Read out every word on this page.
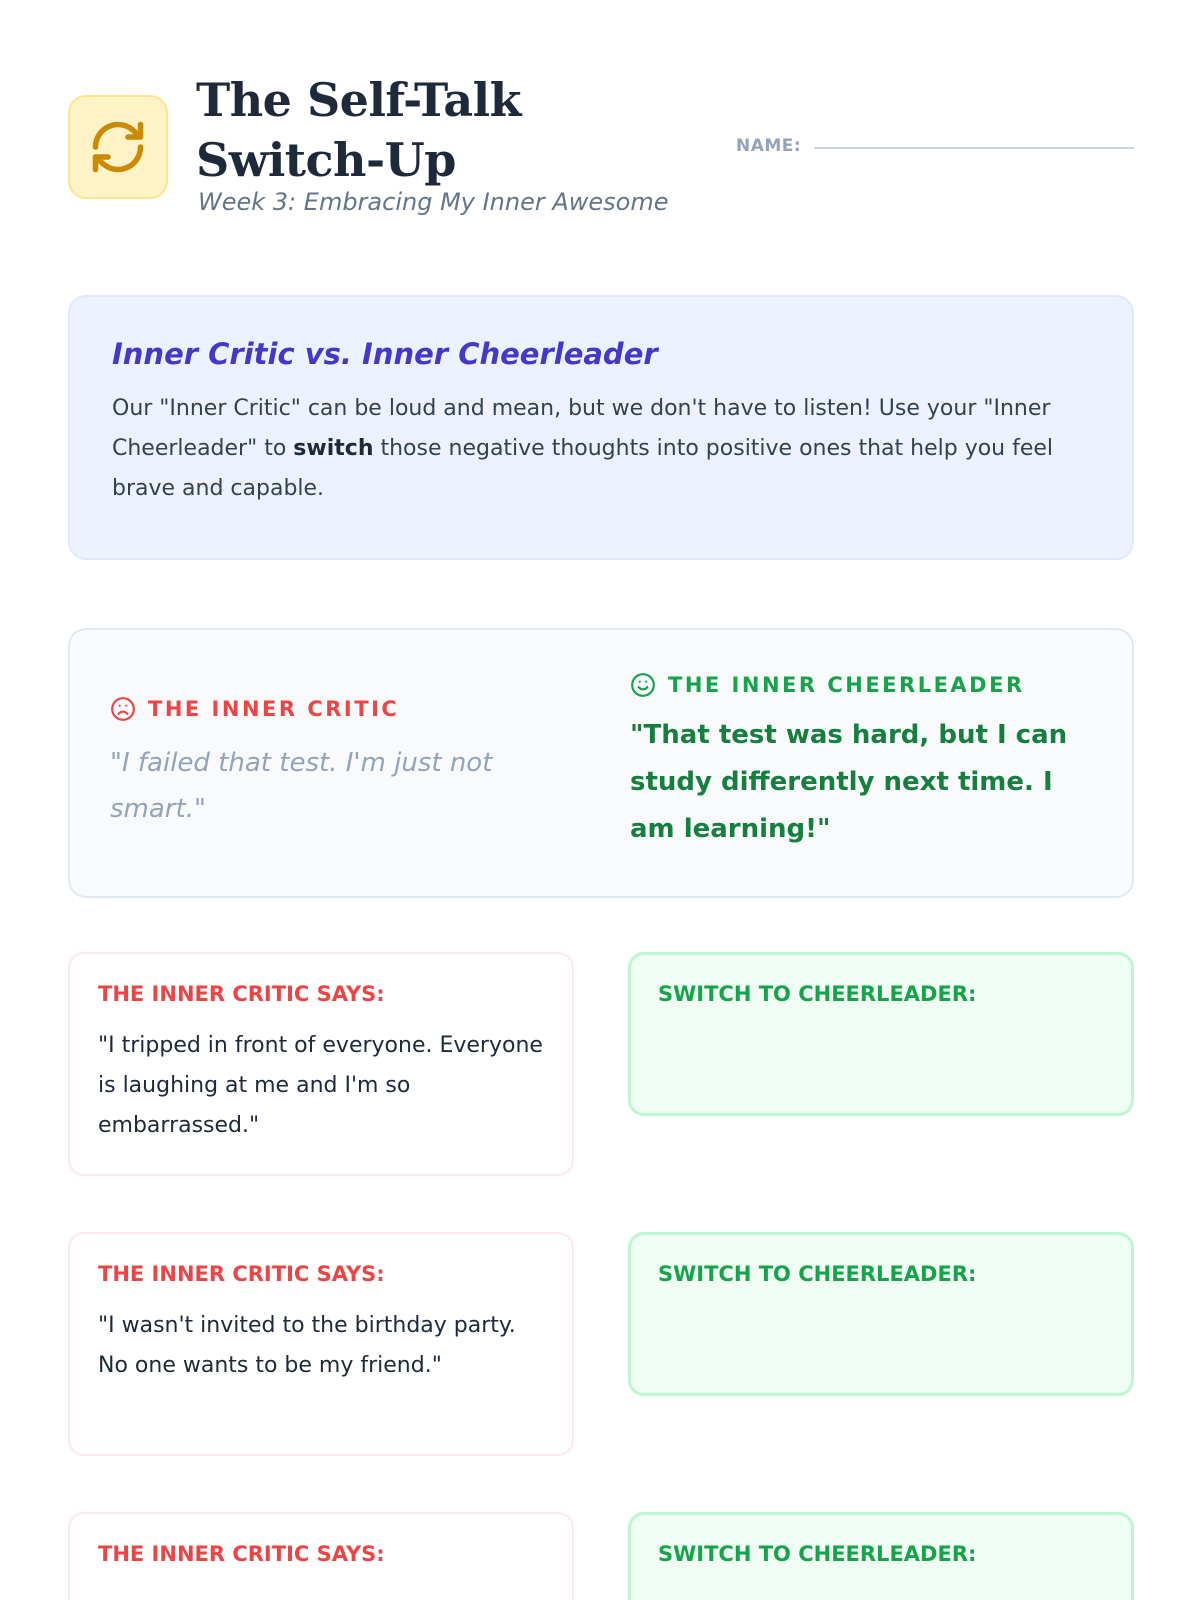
The Self-Talk Switch-Up
Week 3: Embracing My Inner Awesome
NAME:
Inner Critic vs. Inner Cheerleader
Our "Inner Critic" can be loud and mean, but we don't have to listen! Use your "Inner Cheerleader" to switch those negative thoughts into positive ones that help you feel brave and capable.
THE INNER CRITIC
"I failed that test. I'm just not smart."
THE INNER CHEERLEADER
"That test was hard, but I can study differently next time. I am learning!"
THE INNER CRITIC SAYS:
"I tripped in front of everyone. Everyone is laughing at me and I'm so embarrassed."
SWITCH TO CHEERLEADER:
THE INNER CRITIC SAYS:
"I wasn't invited to the birthday party. No one wants to be my friend."
SWITCH TO CHEERLEADER:
THE INNER CRITIC SAYS:	SWITCH TO CHEERLEADER:
